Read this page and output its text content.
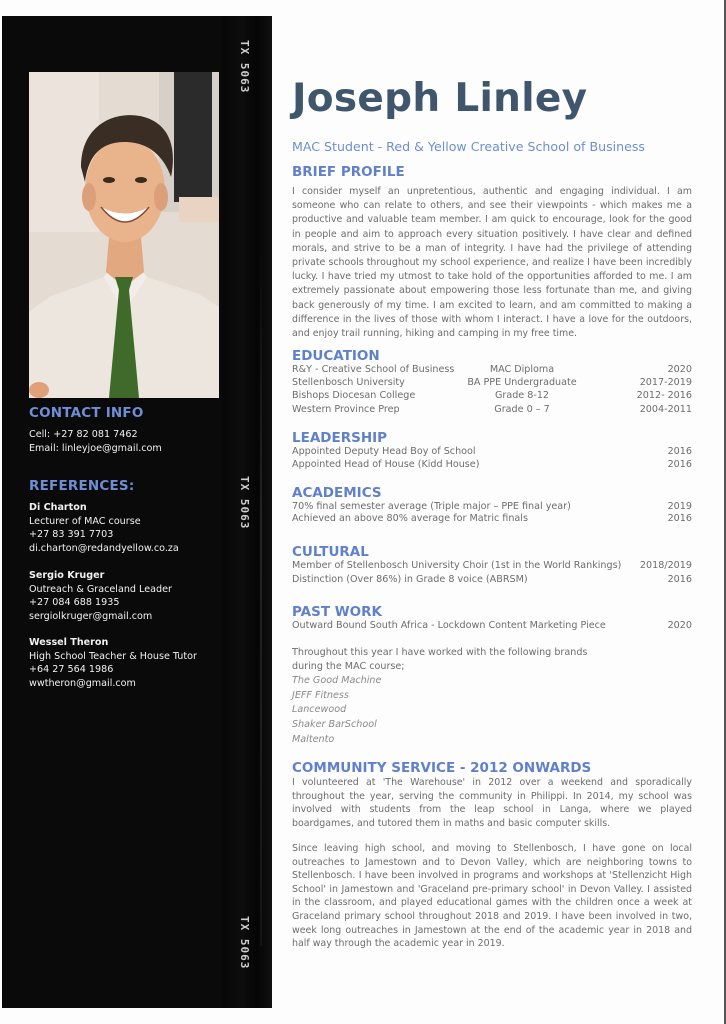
TX 5063
TX 5063
TX 5063
CONTACT INFO
Cell: +27 82 081 7462
Email: linleyjoe@gmail.com
REFERENCES:
Di Charton
Lecturer of MAC course
+27 83 391 7703
di.charton@redandyellow.co.za
Sergio Kruger
Outreach & Graceland Leader
+27 084 688 1935
sergiolkruger@gmail.com
Wessel Theron
High School Teacher & House Tutor
+64 27 564 1986
wwtheron@gmail.com
Joseph Linley
MAC Student - Red & Yellow Creative School of Business
BRIEF PROFILE
I consider myself an unpretentious, authentic and engaging individual. I am someone who can relate to others, and see their viewpoints - which makes me a productive and valuable team member. I am quick to encourage, look for the good in people and aim to approach every situation positively. I have clear and defined morals, and strive to be a man of integrity. I have had the privilege of attending private schools throughout my school experience, and realize I have been incredibly lucky. I have tried my utmost to take hold of the opportunities afforded to me. I am extremely passionate about empowering those less fortunate than me, and giving back generously of my time. I am excited to learn, and am committed to making a difference in the lives of those with whom I interact. I have a love for the outdoors, and enjoy trail running, hiking and camping in my free time.
EDUCATION
R&Y - Creative School of Business	MAC Diploma	2020
Stellenbosch University	BA PPE Undergraduate	2017-2019
Bishops Diocesan College	Grade 8-12	2012- 2016
Western Province Prep	Grade 0 – 7	2004-2011
LEADERSHIP
Appointed Deputy Head Boy of School	2016
Appointed Head of House (Kidd House)	2016
ACADEMICS
70% final semester average (Triple major – PPE final year)	2019
Achieved an above 80% average for Matric finals	2016
CULTURAL
Member of Stellenbosch University Choir (1st in the World Rankings) 2018/2019
Distinction (Over 86%) in Grade 8 voice (ABRSM)	2016
PAST WORK
Outward Bound South Africa - Lockdown Content Marketing Piece	2020
Throughout this year I have worked with the following brands
during the MAC course;
The Good Machine
JEFF Fitness
Lancewood
Shaker BarSchool
Maltento
COMMUNITY SERVICE - 2012 ONWARDS
I volunteered at 'The Warehouse' in 2012 over a weekend and sporadically throughout the year, serving the community in Philippi. In 2014, my school was involved with students from the leap school in Langa, where we played boardgames, and tutored them in maths and basic computer skills.
Since leaving high school, and moving to Stellenbosch, I have gone on local outreaches to Jamestown and to Devon Valley, which are neighboring towns to Stellenbosch. I have been involved in programs and workshops at 'Stellenzicht High School' in Jamestown and 'Graceland pre-primary school' in Devon Valley. I assisted in the classroom, and played educational games with the children once a week at Graceland primary school throughout 2018 and 2019. I have been involved in two, week long outreaches in Jamestown at the end of the academic year in 2018 and half way through the academic year in 2019.
